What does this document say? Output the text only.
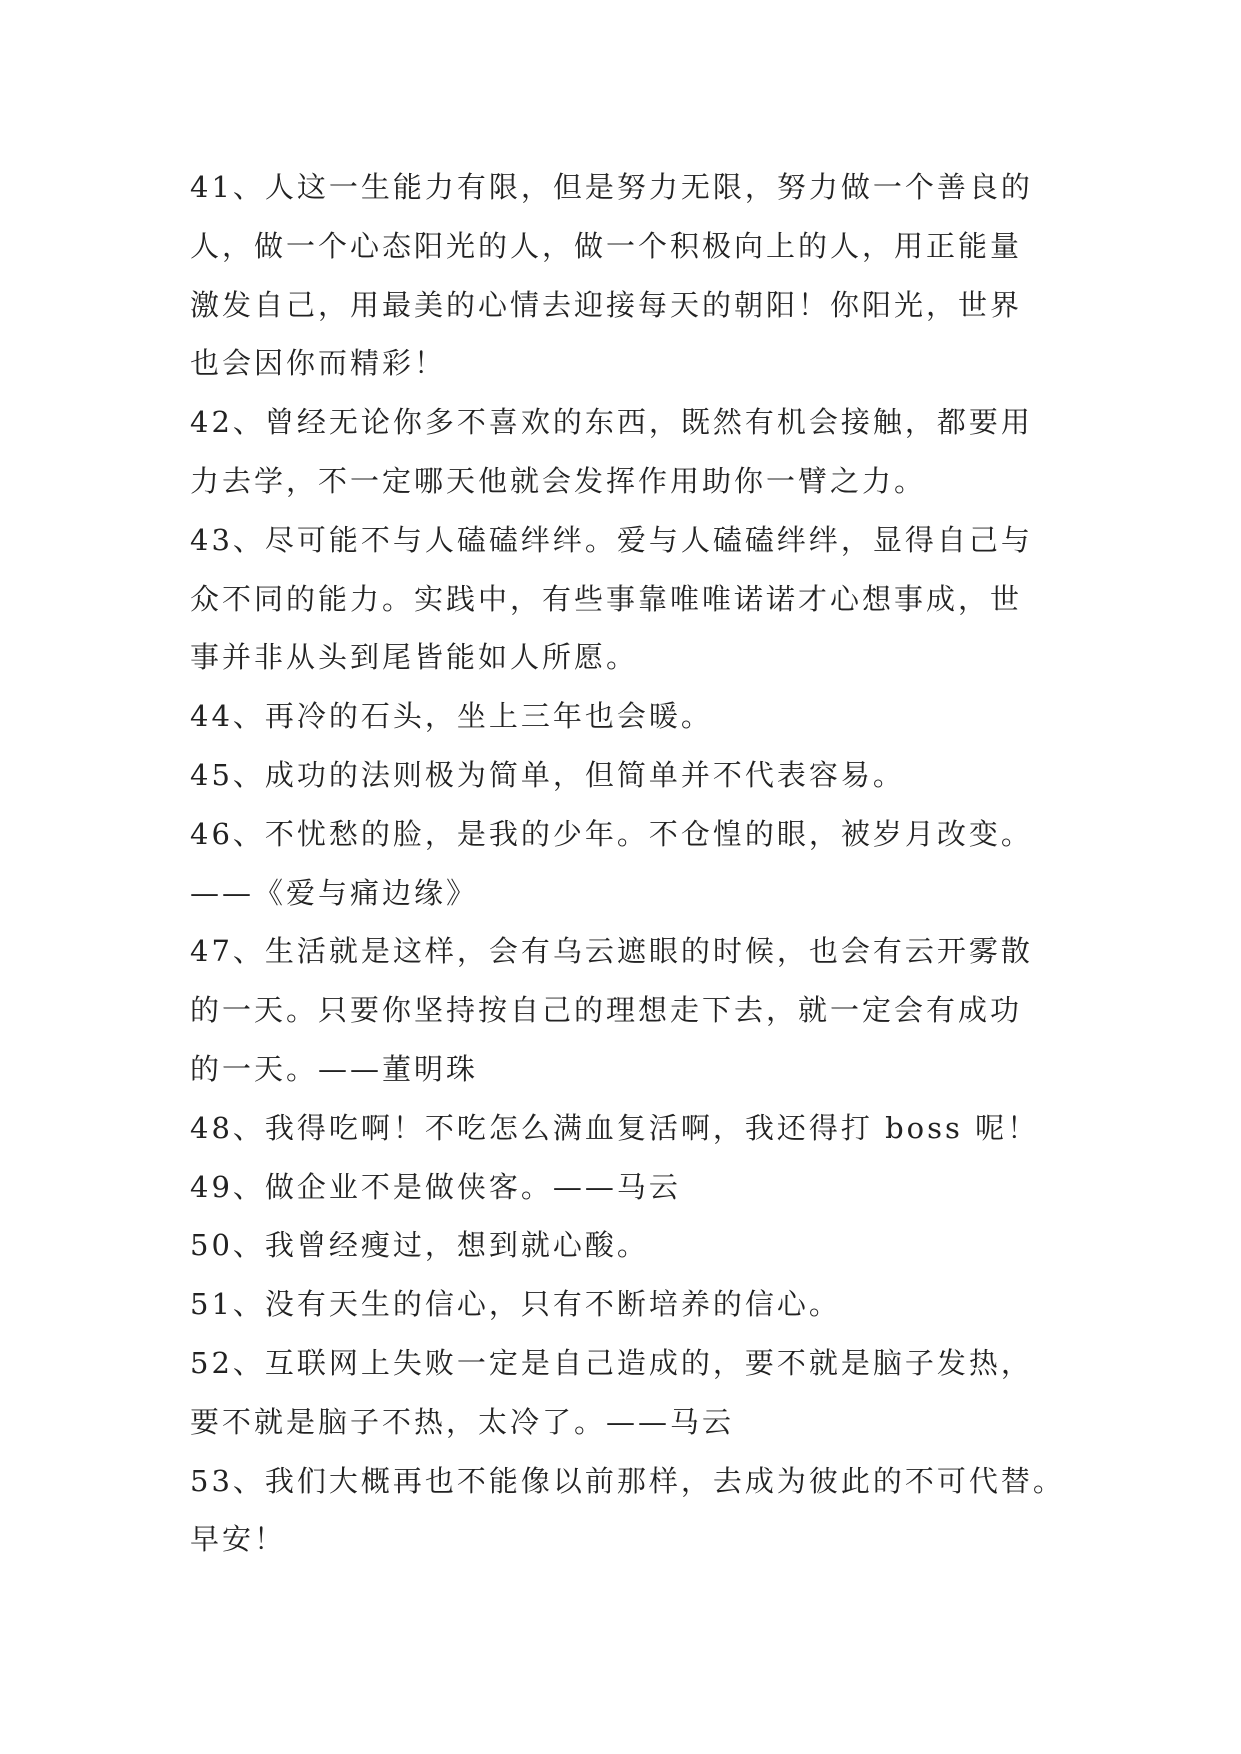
41、人这一生能力有限，但是努力无限，努力做一个善良的
人，做一个心态阳光的人，做一个积极向上的人，用正能量
激发自己，用最美的心情去迎接每天的朝阳！你阳光，世界
也会因你而精彩！

42、曾经无论你多不喜欢的东西，既然有机会接触，都要用
力去学，不一定哪天他就会发挥作用助你一臂之力。

43、尽可能不与人磕磕绊绊。爱与人磕磕绊绊，显得自己与
众不同的能力。实践中，有些事靠唯唯诺诺才心想事成，世
事并非从头到尾皆能如人所愿。

44、再冷的石头，坐上三年也会暖。

45、成功的法则极为简单，但简单并不代表容易。

46、不忧愁的脸，是我的少年。不仓惶的眼，被岁月改变。
——《爱与痛边缘》

47、生活就是这样，会有乌云遮眼的时候，也会有云开雾散
的一天。只要你坚持按自己的理想走下去，就一定会有成功
的一天。——董明珠

48、我得吃啊！不吃怎么满血复活啊，我还得打 boss 呢！

49、做企业不是做侠客。——马云

50、我曾经瘦过，想到就心酸。

51、没有天生的信心，只有不断培养的信心。

52、互联网上失败一定是自己造成的，要不就是脑子发热，
要不就是脑子不热，太冷了。——马云

53、我们大概再也不能像以前那样，去成为彼此的不可代替。
早安！
